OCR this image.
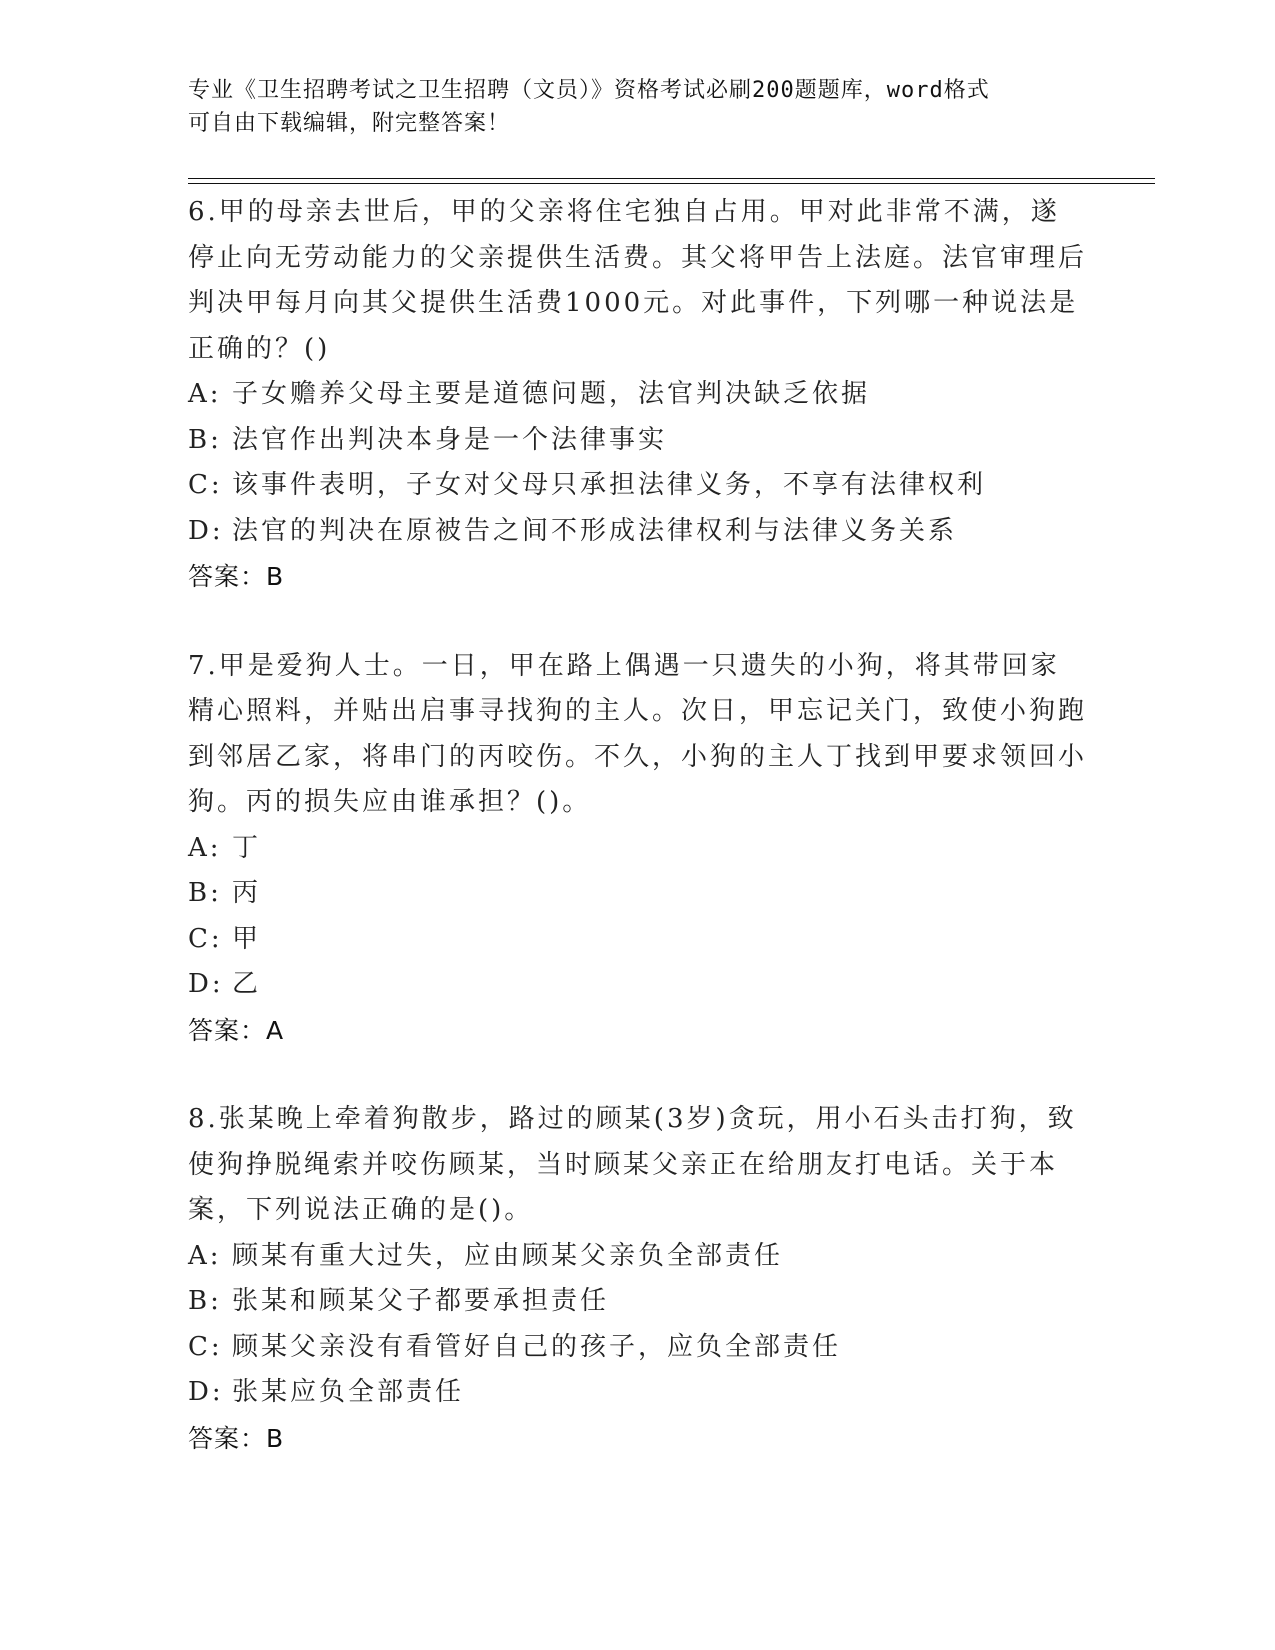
专业《卫生招聘考试之卫生招聘（文员）》资格考试必刷200题题库，word格式
可自由下载编辑，附完整答案！

6.甲的母亲去世后，甲的父亲将住宅独自占用。甲对此非常不满，遂停止向无劳动能力的父亲提供生活费。其父将甲告上法庭。法官审理后判决甲每月向其父提供生活费1000元。对此事件，下列哪一种说法是正确的？()

A: 子女赡养父母主要是道德问题，法官判决缺乏依据

B: 法官作出判决本身是一个法律事实

C: 该事件表明，子女对父母只承担法律义务，不享有法律权利

D: 法官的判决在原被告之间不形成法律权利与法律义务关系

答案：B

7.甲是爱狗人士。一日，甲在路上偶遇一只遗失的小狗，将其带回家精心照料，并贴出启事寻找狗的主人。次日，甲忘记关门，致使小狗跑到邻居乙家，将串门的丙咬伤。不久，小狗的主人丁找到甲要求领回小狗。丙的损失应由谁承担？()。

A: 丁

B: 丙

C: 甲

D: 乙

答案：A

8.张某晚上牵着狗散步，路过的顾某(3岁)贪玩，用小石头击打狗，致使狗挣脱绳索并咬伤顾某，当时顾某父亲正在给朋友打电话。关于本案，下列说法正确的是()。

A: 顾某有重大过失，应由顾某父亲负全部责任

B: 张某和顾某父子都要承担责任

C: 顾某父亲没有看管好自己的孩子，应负全部责任

D: 张某应负全部责任

答案：B
